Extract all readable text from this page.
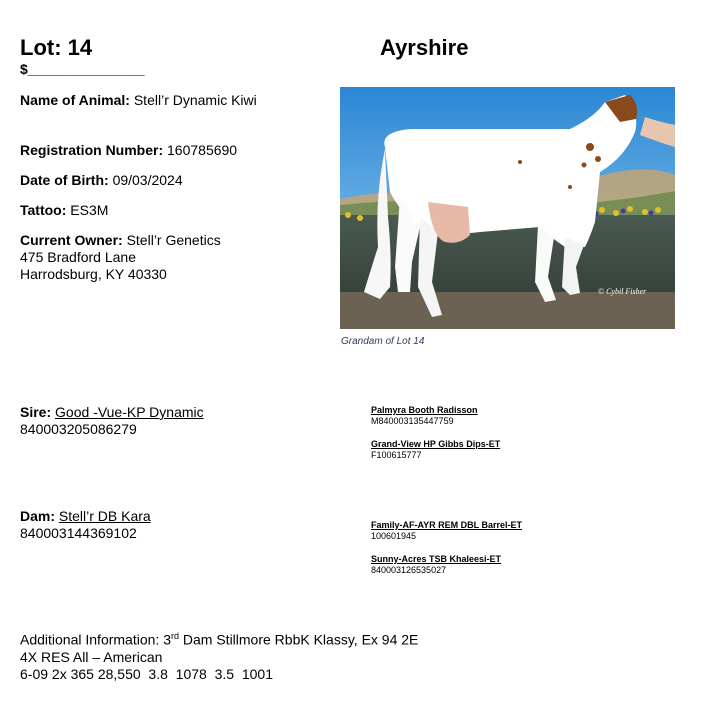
Lot: 14	Ayrshire
$_______________
Name of Animal: Stell’r Dynamic Kiwi
Registration Number: 160785690
Date of Birth: 09/03/2024
Tattoo: ES3M
Current Owner: Stell’r Genetics
475 Bradford Lane
Harrodsburg, KY 40330
© Cybil Fisher
Grandam of Lot 14
Sire: Good -Vue-KP Dynamic
840003205086279
Palmyra Booth Radisson
M840003135447759
Grand-View HP Gibbs Dips-ET
F100615777
Dam: Stell’r DB Kara
840003144369102	Family-AF-AYR REM DBL Barrel-ET
100601945
Sunny-Acres TSB Khaleesi-ET
840003126535027
Additional Information: 3rd Dam Stillmore RbbK Klassy, Ex 94 2E
4X RES All – American
6-09 2x 365 28,550  3.8  1078  3.5  1001
